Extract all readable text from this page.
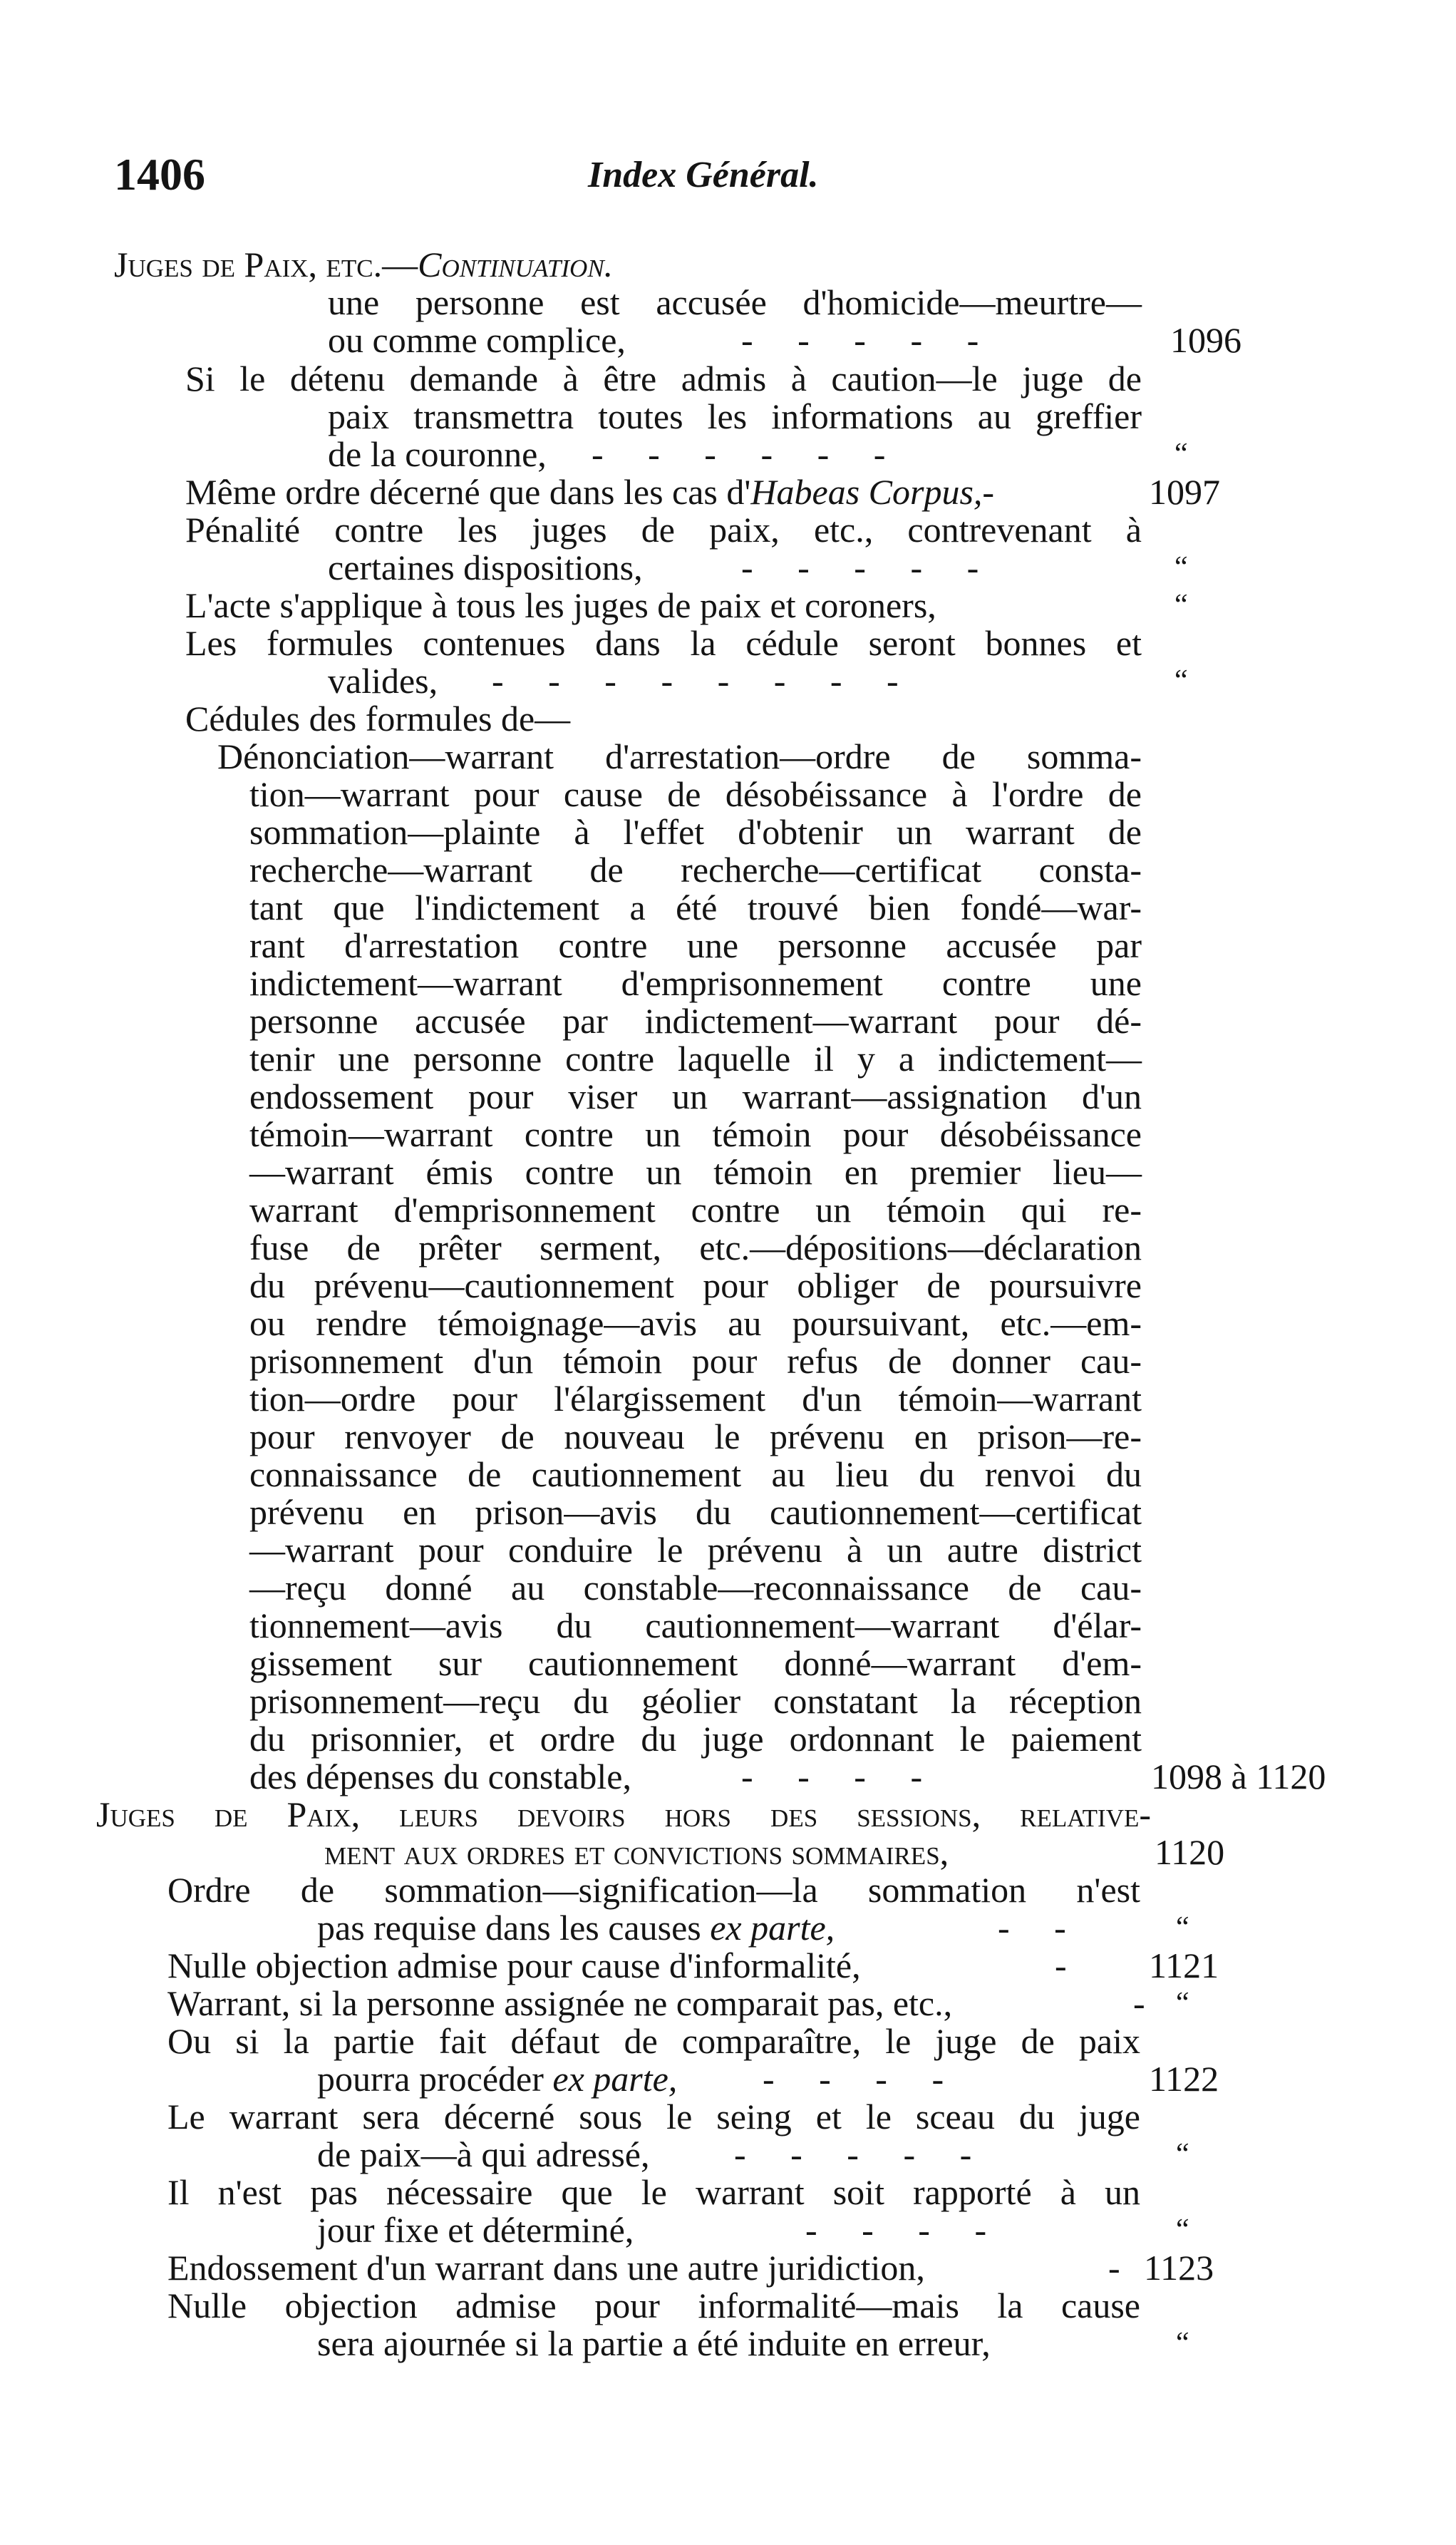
1406	Index Général.
Juges de Paix, etc.—Continuation.
une personne est accusée d'homicide—meurtre—
ou comme complice,	-     -     -     -     -	1096
Si le détenu demande à être admis à caution—le juge de
paix transmettra toutes les informations au greffier
de la couronne,	-     -     -     -     -     -	“
Même ordre décerné que dans les cas d'Habeas Corpus,-	1097
Pénalité contre les juges de paix, etc., contrevenant à
certaines dispositions,	-     -     -     -     -	“
L'acte s'applique à tous les juges de paix et coroners,	“
Les formules contenues dans la cédule seront bonnes et
valides,	-     -     -     -     -     -     -     -	“
Cédules des formules de—
Dénonciation—warrant d'arrestation—ordre de somma-
tion—warrant pour cause de désobéissance à l'ordre de
sommation—plainte à l'effet d'obtenir un warrant de
recherche—warrant de recherche—certificat consta-
tant que l'indictement a été trouvé bien fondé—war-
rant d'arrestation contre une personne accusée par
indictement—warrant d'emprisonnement contre une
personne accusée par indictement—warrant pour dé-
tenir une personne contre laquelle il y a indictement—
endossement pour viser un warrant—assignation d'un
témoin—warrant contre un témoin pour désobéissance
—warrant émis contre un témoin en premier lieu—
warrant d'emprisonnement contre un témoin qui re-
fuse de prêter serment, etc.—dépositions—déclaration
du prévenu—cautionnement pour obliger de poursuivre
ou rendre témoignage—avis au poursuivant, etc.—em-
prisonnement d'un témoin pour refus de donner cau-
tion—ordre pour l'élargissement d'un témoin—warrant
pour renvoyer de nouveau le prévenu en prison—re-
connaissance de cautionnement au lieu du renvoi du
prévenu en prison—avis du cautionnement—certificat
—warrant pour conduire le prévenu à un autre district
—reçu donné au constable—reconnaissance de cau-
tionnement—avis du cautionnement—warrant d'élar-
gissement sur cautionnement donné—warrant d'em-
prisonnement—reçu du géolier constatant la réception
du prisonnier, et ordre du juge ordonnant le paiement
des dépenses du constable,	-     -     -     -	1098 à 1120
Juges de Paix, leurs devoirs hors des sessions, relative-
ment aux ordres et convictions sommaires,	1120
Ordre de sommation—signification—la sommation n'est
pas requise dans les causes ex parte,	-     -	“
Nulle objection admise pour cause d'informalité,	- 1121
Warrant, si la personne assignée ne comparait pas, etc.,	- “
Ou si la partie fait défaut de comparaître, le juge de paix
pourra procéder ex parte,	-     -     -     -	1122
Le warrant sera décerné sous le seing et le sceau du juge
de paix—à qui adressé,	-     -     -     -     -	“
Il n'est pas nécessaire que le warrant soit rapporté à un
jour fixe et déterminé,	-     -     -     -	“
Endossement d'un warrant dans une autre juridiction,	- 1123
Nulle objection admise pour informalité—mais la cause
sera ajournée si la partie a été induite en erreur,	“
